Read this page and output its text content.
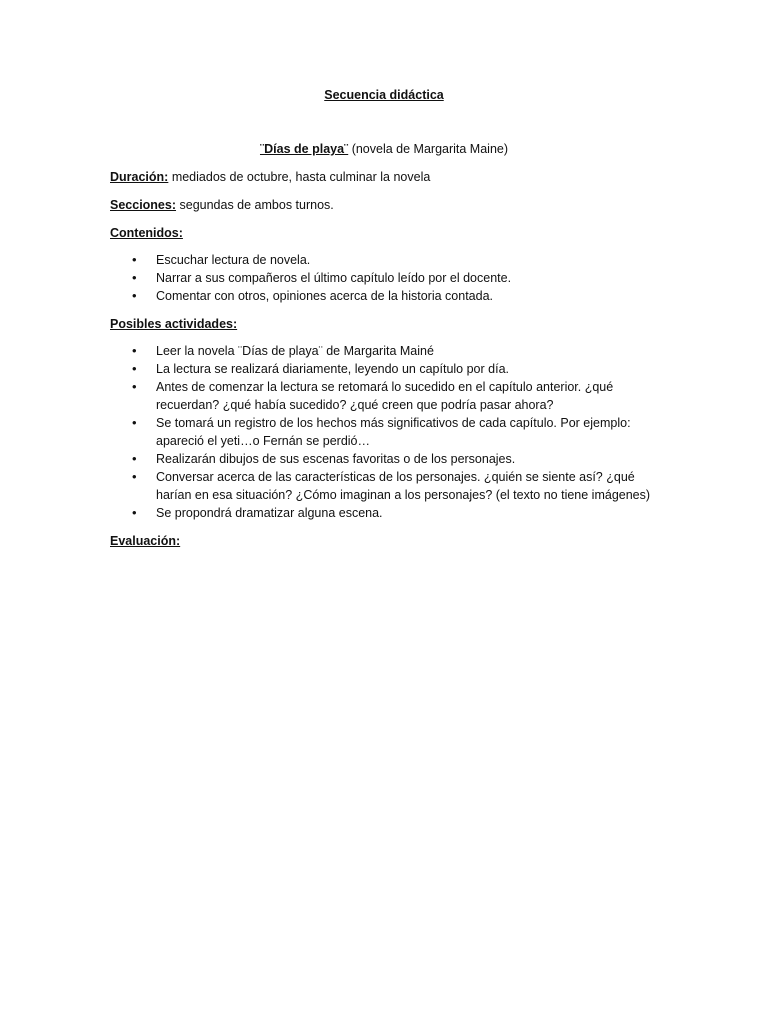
Secuencia didáctica
¨Días de playa¨ (novela de Margarita Maine)
Duración: mediados de octubre, hasta culminar la novela
Secciones: segundas de ambos turnos.
Contenidos:
• Escuchar lectura de novela.
• Narrar a sus compañeros el último capítulo leído por el docente.
• Comentar con otros, opiniones acerca de la historia contada.
Posibles actividades:
• Leer la novela ¨Días de playa¨ de Margarita Mainé
• La lectura se realizará diariamente, leyendo un capítulo por día.
• Antes de comenzar la lectura se retomará lo sucedido en el capítulo anterior. ¿qué recuerdan? ¿qué había sucedido? ¿qué creen que podría pasar ahora?
• Se tomará un registro de los hechos más significativos de cada capítulo. Por ejemplo: apareció el yeti…o Fernán se perdió…
• Realizarán dibujos de sus escenas favoritas o de los personajes.
• Conversar acerca de las características de los personajes. ¿quién se siente así? ¿qué harían en esa situación? ¿Cómo imaginan a los personajes? (el texto no tiene imágenes)
• Se propondrá dramatizar alguna escena.
Evaluación:
